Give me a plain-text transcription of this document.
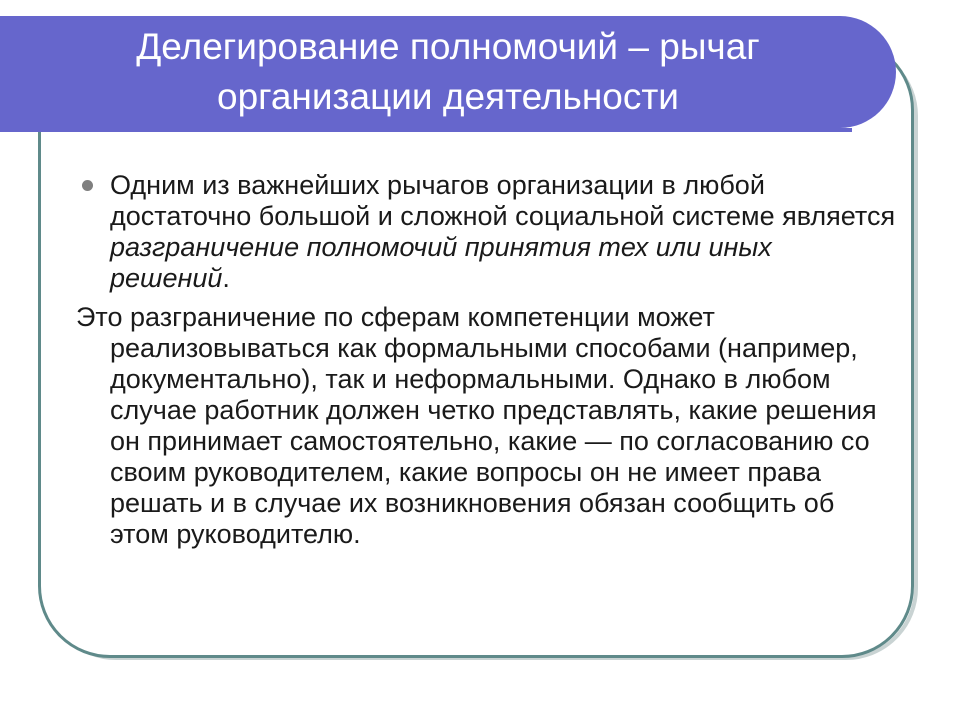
Делегирование полномочий – рычаг
организации деятельности

Одним из важнейших рычагов организации в любой достаточно большой и сложной социальной системе является разграничение полномочий принятия тех или иных решений.

Это разграничение по сферам компетенции может реализовываться как формальными способами (например, документально), так и неформальными. Однако в любом случае работник должен четко представлять, какие решения он принимает самостоятельно, какие — по согласованию со своим руководителем, какие вопросы он не имеет права решать и в случае их возникновения обязан сообщить об этом руководителю.
